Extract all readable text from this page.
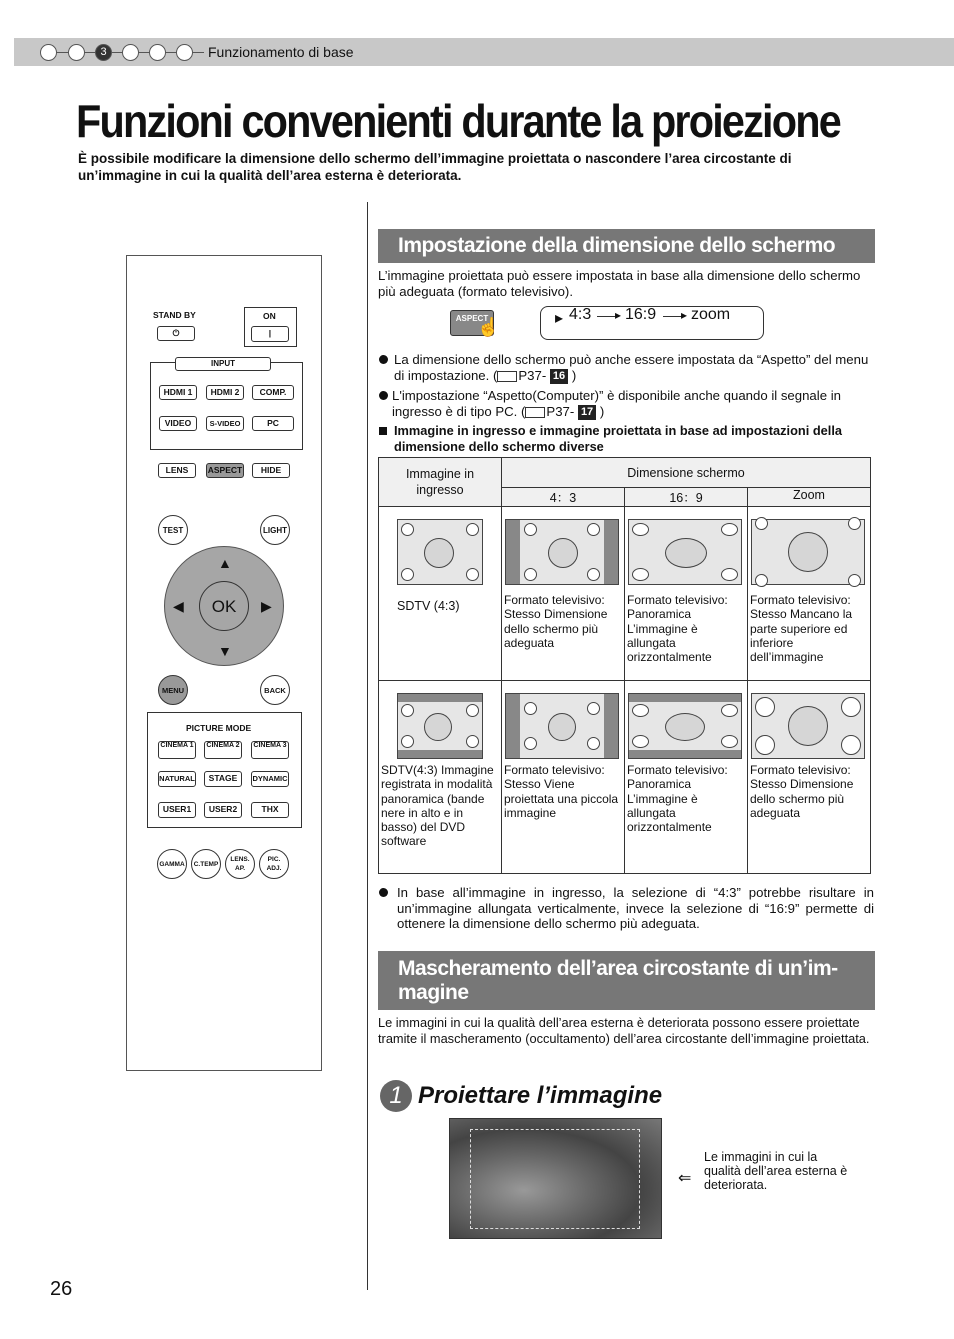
3	Funzionamento di base
Funzioni convenienti durante la proiezione
È possibile modificare la dimensione dello schermo dell’immagine proiettata o nascondere l’area circostante di un’immagine in cui la qualità dell’area esterna è deteriorata.
STAND BY
⏻
ON
|
INPUT
HDMI 1	HDMI 2	COMP.
VIDEO	S-VIDEO	PC
LENS	ASPECT	HIDE
TEST	LIGHT
▲
▼
◀	▶
OK
MENU	BACK
PICTURE MODE
CINEMA 1	CINEMA 2	CINEMA 3
NATURAL	STAGE	DYNAMIC
USER1	USER2	THX
GAMMA	C.TEMP
LENS. AP.
PIC. ADJ.
Impostazione della dimensione dello schermo
L’immagine proiettata può essere impostata in base alla dimensione dello schermo più adeguata (formato televisivo).
ASPECT
☝	▸ 4:3 ▸ 16:9 ▸ zoom
La dimensione dello schermo può anche essere impostata da “Aspetto” del menu di impostazione. ( P37- 16 )
L'impostazione “Aspetto(Computer)” è disponibile anche quando il segnale in ingresso è di tipo PC. ( P37- 17 )
Immagine in ingresso e immagine proiettata in base ad impostazioni della dimensione dello schermo diverse
Immagine in ingresso	Dimensione schermo		
	4：3	16：9	Zoom

SDTV (4:3)	Formato televisivo: Stesso Dimensione dello schermo più adeguata	Formato televisivo: Panoramica L’immagine è allungata orizzontalmente	Formato televisivo: Stesso Mancano la parte superiore ed inferiore dell’immagine

SDTV(4:3) Immagine registrata in modalità panoramica (bande nere in alto e in basso) del DVD software	Formato televisivo: Stesso Viene proiettata una piccola immagine	Formato televisivo: Panoramica L’immagine è allungata orizzontalmente	Formato televisivo: Stesso Dimensione dello schermo più adeguata
In base all’immagine in ingresso, la selezione di “4:3” potrebbe risultare in un’immagine allungata verticalmente, invece la selezione di “16:9” permette di ottenere la dimensione dello schermo più adeguata.
Mascheramento dell’area circostante di un’immagine
Le immagini in cui la qualità dell’area esterna è deteriorata possono essere proiettate tramite il mascheramento (occultamento) dell’area circostante dell’immagine proiettata.
1 Proiettare l’immagine
⇐
Le immagini in cui la qualità dell’area esterna è deteriorata.
26
